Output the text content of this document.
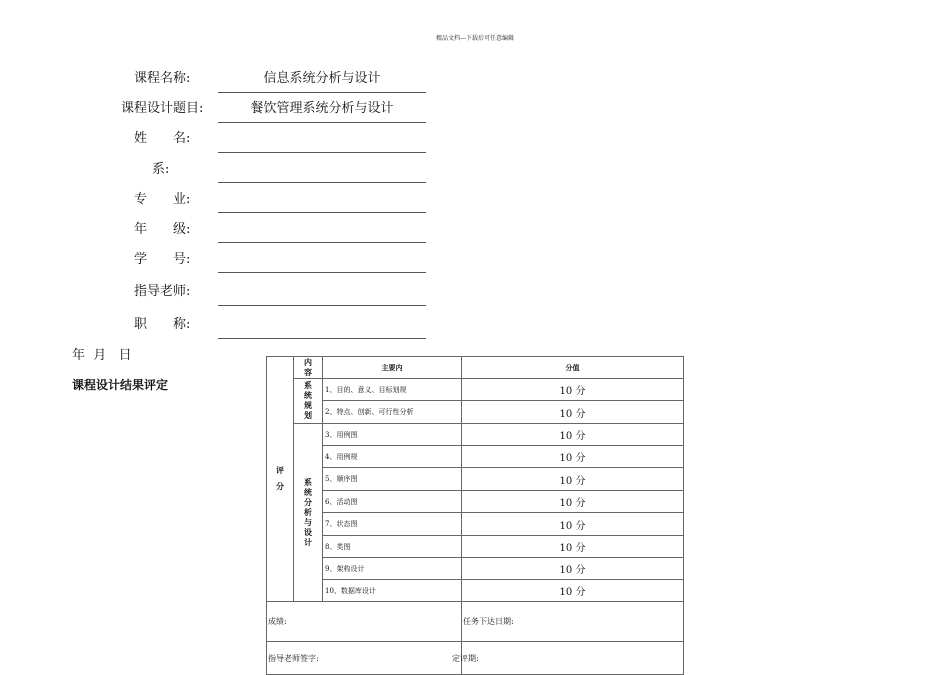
精品文档---下载后可任意编辑
课程名称:	信息系统分析与设计
课程设计题目:	餐饮管理系统分析与设计
姓　　名:
系:
专　　业:
年　　级:
学　　号:
指导老师:
职　　称:
年  月   日
课程设计结果评定
评
分
内
容	主要内	分值
系
统
规
划
系
统
分
析
与
设
计
1、目的、意义、目标划规	10 分
2、特点、创新、可行性分析	10 分
3、用例图	10 分
4、用例规	10 分
5、顺序图	10 分
6、活动图	10 分
7、状态图	10 分
8、类图	10 分
9、架构设计	10 分
10、数据库设计	10 分
成绩:	任务下达日期:
指导老师签字:	定评期:
